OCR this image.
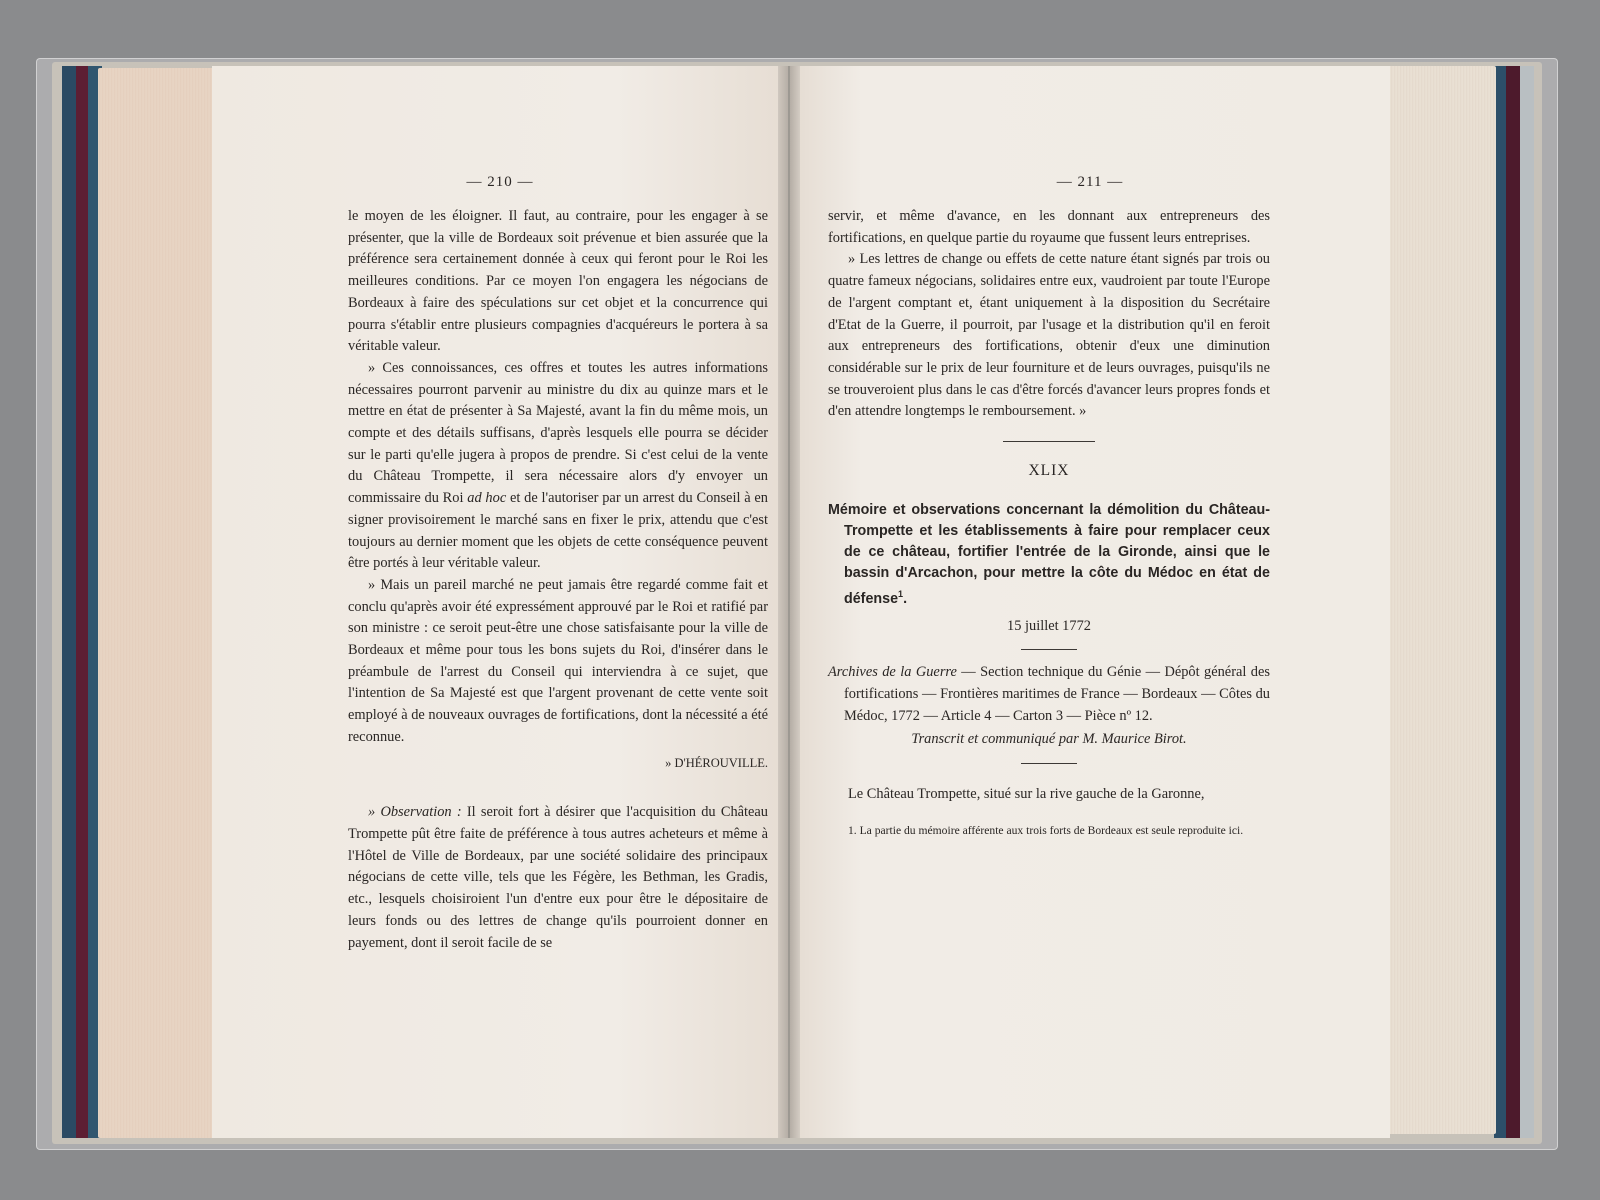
— 210 —

le moyen de les éloigner. Il faut, au contraire, pour les engager à se présenter, que la ville de Bordeaux soit prévenue et bien assurée que la préférence sera certainement donnée à ceux qui feront pour le Roi les meilleures conditions. Par ce moyen l'on engagera les négocians de Bordeaux à faire des spéculations sur cet objet et la concurrence qui pourra s'établir entre plusieurs compagnies d'acquéreurs le portera à sa véritable valeur.

» Ces connoissances, ces offres et toutes les autres informations nécessaires pourront parvenir au ministre du dix au quinze mars et le mettre en état de présenter à Sa Majesté, avant la fin du même mois, un compte et des détails suffisans, d'après lesquels elle pourra se décider sur le parti qu'elle jugera à propos de prendre. Si c'est celui de la vente du Château Trompette, il sera nécessaire alors d'y envoyer un commissaire du Roi ad hoc et de l'autoriser par un arrest du Conseil à en signer provisoirement le marché sans en fixer le prix, attendu que c'est toujours au dernier moment que les objets de cette conséquence peuvent être portés à leur véritable valeur.

» Mais un pareil marché ne peut jamais être regardé comme fait et conclu qu'après avoir été expressément approuvé par le Roi et ratifié par son ministre : ce seroit peut-être une chose satisfaisante pour la ville de Bordeaux et même pour tous les bons sujets du Roi, d'insérer dans le préambule de l'arrest du Conseil qui interviendra à ce sujet, que l'intention de Sa Majesté est que l'argent provenant de cette vente soit employé à de nouveaux ouvrages de fortifications, dont la nécessité a été reconnue.

» D'HÉROUVILLE.

» Observation : Il seroit fort à désirer que l'acquisition du Château Trompette pût être faite de préférence à tous autres acheteurs et même à l'Hôtel de Ville de Bordeaux, par une société solidaire des principaux négocians de cette ville, tels que les Fégère, les Bethman, les Gradis, etc., lesquels choisiroient l'un d'entre eux pour être le dépositaire de leurs fonds ou des lettres de change qu'ils pourroient donner en payement, dont il seroit facile de se

— 211 —

servir, et même d'avance, en les donnant aux entrepreneurs des fortifications, en quelque partie du royaume que fussent leurs entreprises.

» Les lettres de change ou effets de cette nature étant signés par trois ou quatre fameux négocians, solidaires entre eux, vaudroient par toute l'Europe de l'argent comptant et, étant uniquement à la disposition du Secrétaire d'Etat de la Guerre, il pourroit, par l'usage et la distribution qu'il en feroit aux entrepreneurs des fortifications, obtenir d'eux une diminution considérable sur le prix de leur fourniture et de leurs ouvrages, puisqu'ils ne se trouveroient plus dans le cas d'être forcés d'avancer leurs propres fonds et d'en attendre longtemps le remboursement. »

XLIX

Mémoire et observations concernant la démolition du Château-Trompette et les établissements à faire pour remplacer ceux de ce château, fortifier l'entrée de la Gironde, ainsi que le bassin d'Arcachon, pour mettre la côte du Médoc en état de défense$^1$.

15 juillet 1772

Archives de la Guerre — Section technique du Génie — Dépôt général des fortifications — Frontières maritimes de France — Bordeaux — Côtes du Médoc, 1772 — Article 4 — Carton 3 — Pièce nº 12.

Transcrit et communiqué par M. Maurice Birot.

Le Château Trompette, situé sur la rive gauche de la Garonne,

1. La partie du mémoire afférente aux trois forts de Bordeaux est seule reproduite ici.
